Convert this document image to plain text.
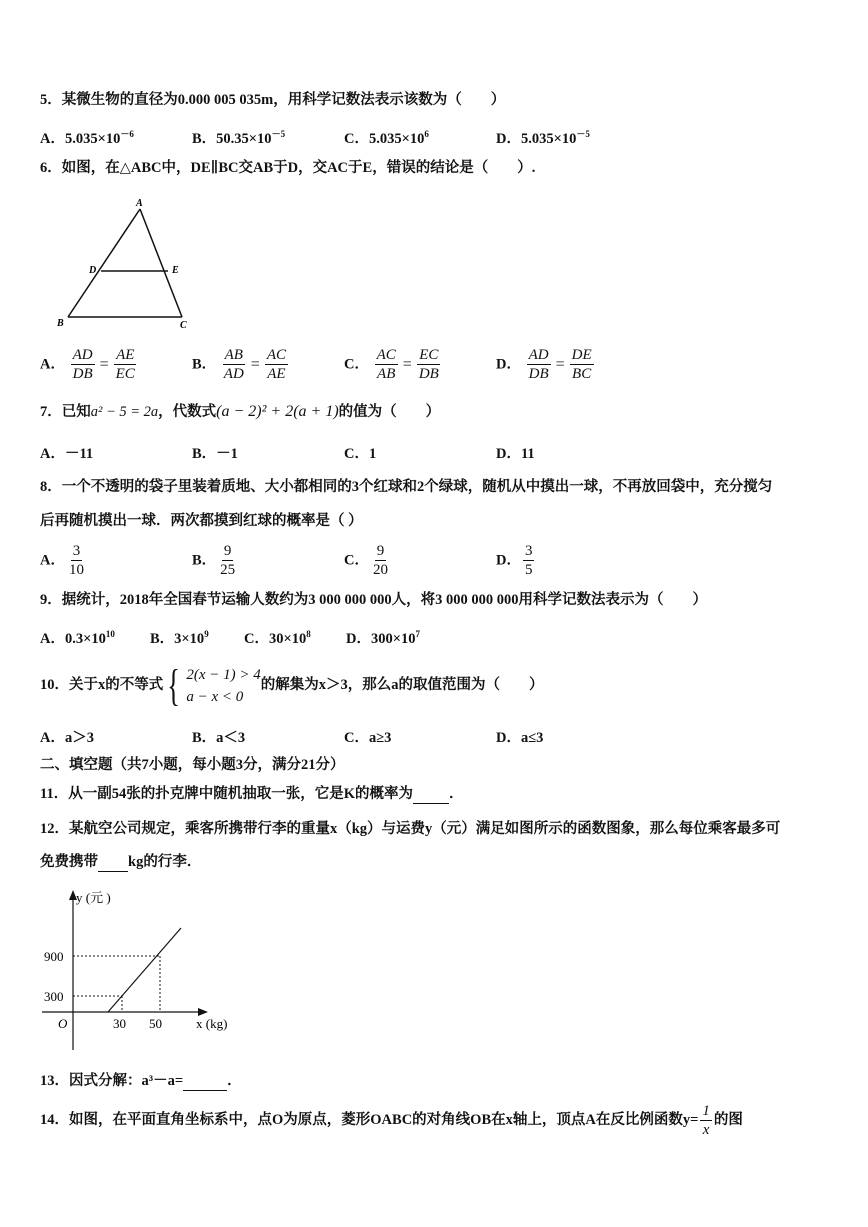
5．某微生物的直径为0.000 005 035m，用科学记数法表示该数为（　　）
A．$5.035\times 10^{-6}$	B．$50.35\times 10^{-5}$	C．$5.035\times 10^6$	D．$5.035\times 10^{-5}$
6．如图，在△ABC中，DE∥BC交AB于D，交AC于E，错误的结论是（　　）.
A
D	E
B	C
A． $\frac{AD}{DB} = \frac{AE}{EC}$	B． $\frac{AB}{AD} = \frac{AC}{AE}$	C． $\frac{AC}{AB} = \frac{EC}{DB}$	D． $\frac{AD}{DB} = \frac{DE}{BC}$
7．已知a² − 5 = 2a，代数式(a − 2)² + 2(a + 1)的值为（　　）
A．－11	B．－1	C．1	D．11
8．一个不透明的袋子里装着质地、大小都相同的3个红球和2个绿球，随机从中摸出一球，不再放回袋中，充分搅匀
后再随机摸出一球．两次都摸到红球的概率是（ ）
A． $\frac{3}{10}$	B． $\frac{9}{25}$	C． $\frac{9}{20}$	D． $\frac{3}{5}$
9．据统计，2018年全国春节运输人数约为3 000 000 000人，将3 000 000 000用科学记数法表示为（　　）
A．$0.3\times 10^{10}$ B．$3\times 10^9$ C．$30\times 10^8$ D．$300\times 10^7$
10．关于x的不等式 { 2(x − 1) > 4
a − x < 0
的解集为x＞3，那么a的取值范围为（　　）
A．a＞3	B．a＜3	C．a≥3	D．a≤3
二、填空题（共7小题，每小题3分，满分21分）
11．从一副54张的扑克牌中随机抽取一张，它是K的概率为 ．
12．某航空公司规定，乘客所携带行李的重量x（kg）与运费y（元）满足如图所示的函数图象，那么每位乘客最多可
免费携带 kg的行李．
y (元 )
x (kg)
O
900
300
30 50
13．因式分解：a³－a=	．
14．如图，在平面直角坐标系中，点O为原点，菱形OABC的对角线OB在x轴上，顶点A在反比例函数$y= \frac{1}{x}$ 的图
